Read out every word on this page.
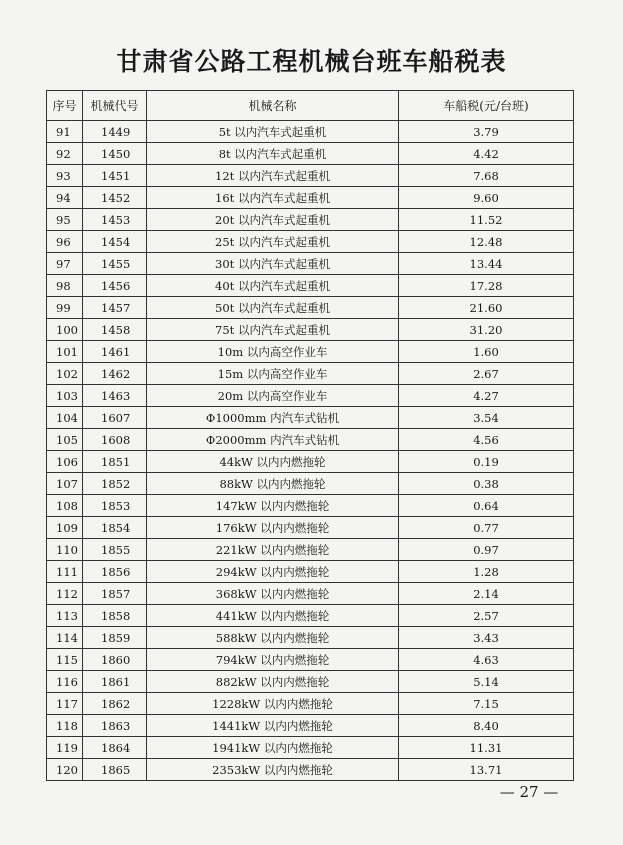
甘肃省公路工程机械台班车船税表
序号	机械代号	机械名称	车船税(元/台班)
91	1449	5t 以内汽车式起重机	3.79
92	1450	8t 以内汽车式起重机	4.42
93	1451	12t 以内汽车式起重机	7.68
94	1452	16t 以内汽车式起重机	9.60
95	1453	20t 以内汽车式起重机	11.52
96	1454	25t 以内汽车式起重机	12.48
97	1455	30t 以内汽车式起重机	13.44
98	1456	40t 以内汽车式起重机	17.28
99	1457	50t 以内汽车式起重机	21.60
100	1458	75t 以内汽车式起重机	31.20
101	1461	10m 以内高空作业车	1.60
102	1462	15m 以内高空作业车	2.67
103	1463	20m 以内高空作业车	4.27
104	1607	Φ1000mm 内汽车式钻机	3.54
105	1608	Φ2000mm 内汽车式钻机	4.56
106	1851	44kW 以内内燃拖轮	0.19
107	1852	88kW 以内内燃拖轮	0.38
108	1853	147kW 以内内燃拖轮	0.64
109	1854	176kW 以内内燃拖轮	0.77
110	1855	221kW 以内内燃拖轮	0.97
111	1856	294kW 以内内燃拖轮	1.28
112	1857	368kW 以内内燃拖轮	2.14
113	1858	441kW 以内内燃拖轮	2.57
114	1859	588kW 以内内燃拖轮	3.43
115	1860	794kW 以内内燃拖轮	4.63
116	1861	882kW 以内内燃拖轮	5.14
117	1862	1228kW 以内内燃拖轮	7.15
118	1863	1441kW 以内内燃拖轮	8.40
119	1864	1941kW 以内内燃拖轮	11.31
120	1865	2353kW 以内内燃拖轮	13.71
— 27 —
